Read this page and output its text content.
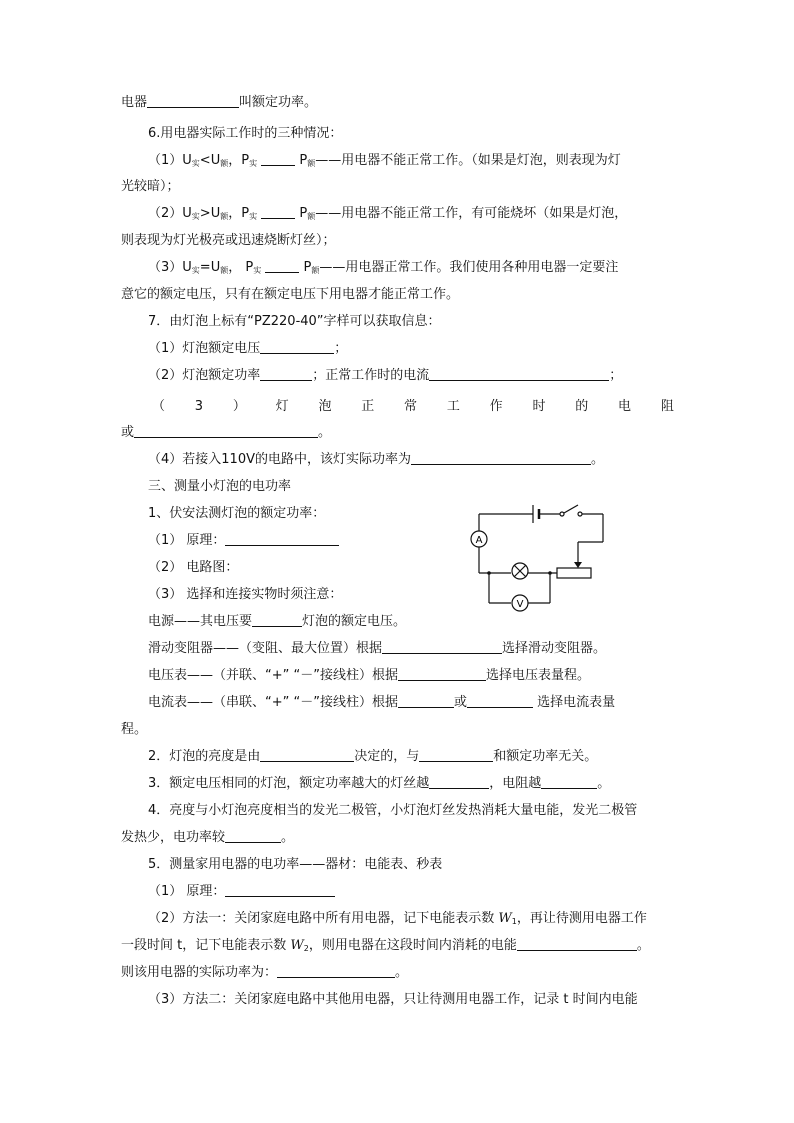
电器	叫额定功率。
6.用电器实际工作时的三种情况：
$(1)U_实<U_额$，$P_实$	$P_额——$用电器不能正常工作。（如果是灯泡，则表现为灯
光较暗）；
$(2)U_实>U_额$，$P_实$	$P_额——$用电器不能正常工作，有可能烧坏（如果是灯泡，
则表现为灯光极亮或迅速烧断灯丝）；
$(3)U_实=U_额$， $P_实$	$P_额——$用电器正常工作。我们使用各种用电器一定要注
意它的额定电压，只有在额定电压下用电器才能正常工作。
7．由灯泡上标有“PZ220-40”字样可以获取信息：
（1）灯泡额定电压	；
（2）灯泡额定功率	；正常工作时的电流	；
（ 3 ） 灯 泡 正 常 工 作 时 的 电 阻
或	。
（4）若接入110V的电路中，该灯实际功率为	。
三、测量小灯泡的电功率
1、伏安法测灯泡的额定功率：
（1） 原理：
（2） 电路图：
（3） 选择和连接实物时须注意：
A
V
电源——其电压要	灯泡的额定电压。
滑动变阻器——（变阻、最大位置）根据	选择滑动变阻器。
电压表——（并联、“+” “－”接线柱）根据	选择电压表量程。
电流表——（串联、“+” “－”接线柱）根据	或	选择电流表量
程。
2．灯泡的亮度是由	决定的，与	和额定功率无关。
3．额定电压相同的灯泡，额定功率越大的灯丝越	，电阻越	。
4．亮度与小灯泡亮度相当的发光二极管，小灯泡灯丝发热消耗大量电能，发光二极管
发热少，电功率较	。
5．测量家用电器的电功率——器材：电能表、秒表
（1） 原理：
（2）方法一：关闭家庭电路中所有用电器，记下电能表示数 $W_1$，再让待测用电器工作
一段时间 t，记下电能表示数 $W_2$，则用电器在这段时间内消耗的电能	。
则该用电器的实际功率为：	。
（3）方法二：关闭家庭电路中其他用电器，只让待测用电器工作，记录 t 时间内电能
